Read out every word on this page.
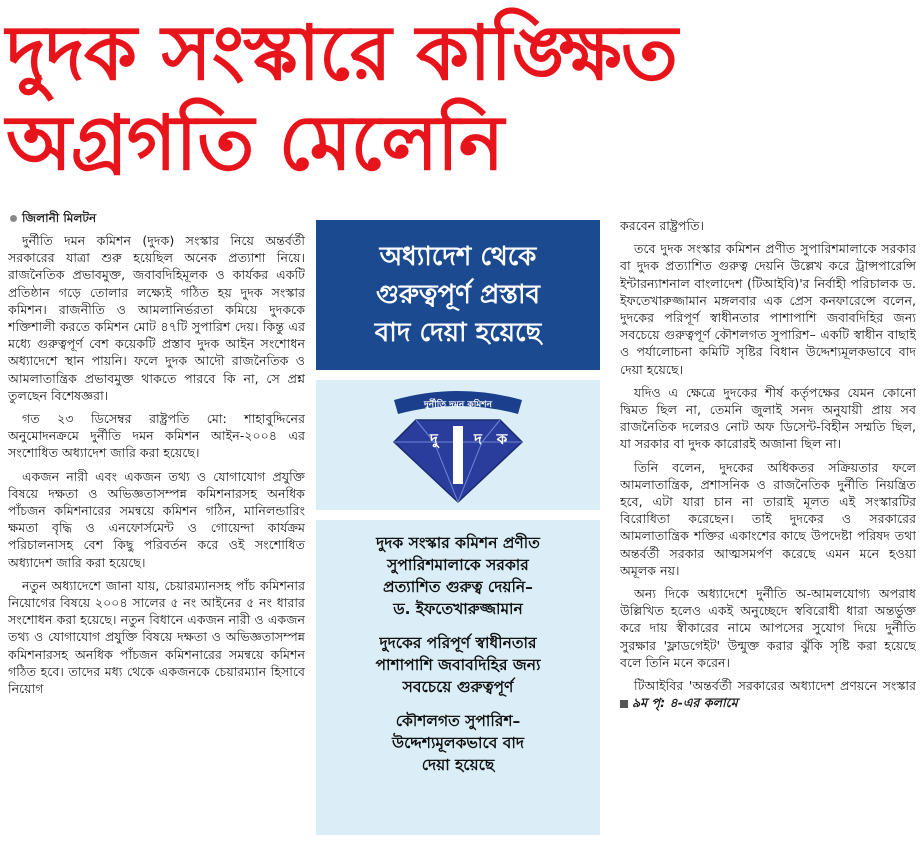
দুদক সংস্কারে কাঙ্ক্ষিত
অগ্রগতি মেলেনি
জিলানী মিলটন

দুর্নীতি দমন কমিশন (দুদক) সংস্কার নিয়ে অন্তর্বর্তী সরকারের যাত্রা শুরু হয়েছিল অনেক প্রত্যাশা নিয়ে। রাজনৈতিক প্রভাবমুক্ত, জবাবদিহিমূলক ও কার্যকর একটি প্রতিষ্ঠান গড়ে তোলার লক্ষ্যেই গঠিত হয় দুদক সংস্কার কমিশন। রাজনীতি ও আমলানির্ভরতা কমিয়ে দুদককে শক্তিশালী করতে কমিশন মোট ৪৭টি সুপারিশ দেয়। কিন্তু এর মধ্যে গুরুত্বপূর্ণ বেশ কয়েকটি প্রস্তাব দুদক আইন সংশোধন অধ্যাদেশে স্থান পায়নি। ফলে দুদক আদৌ রাজনৈতিক ও আমলাতান্ত্রিক প্রভাবমুক্ত থাকতে পারবে কি না, সে প্রশ্ন তুলছেন বিশেষজ্ঞরা।

গত ২৩ ডিসেম্বর রাষ্ট্রপতি মো: শাহাবুদ্দিনের অনুমোদনক্রমে দুর্নীতি দমন কমিশন আইন-২০০৪ এর সংশোধিত অধ্যাদেশ জারি করা হয়েছে।

একজন নারী এবং একজন তথ্য ও যোগাযোগ প্রযুক্তি বিষয়ে দক্ষতা ও অভিজ্ঞতাসম্পন্ন কমিশনারসহ অনধিক পাঁচজন কমিশনারের সমন্বয়ে কমিশন গঠিন, মানিলন্ডারিং ক্ষমতা বৃদ্ধি ও এনফোর্সমেন্ট ও গোয়েন্দা কার্যক্রম পরিচালনাসহ বেশ কিছু পরিবর্তন করে ওই সংশোধিত অধ্যাদেশ জারি করা হয়েছে।

নতুন অধ্যাদেশে জানা যায়, চেয়ারম্যানসহ পাঁচ কমিশনার নিয়োগের বিষয়ে ২০০৪ সালের ৫ নং আইনের ৫ নং ধারার সংশোধন করা হয়েছে। নতুন বিধানে একজন নারী ও একজন তথ্য ও যোগাযোগ প্রযুক্তি বিষয়ে দক্ষতা ও অভিজ্ঞতাসম্পন্ন কমিশনারসহ অনধিক পাঁচজন কমিশনারের সমন্বয়ে কমিশন গঠিত হবে। তাদের মধ্য থেকে একজনকে চেয়ারম্যান হিসাবে নিয়োগ

অধ্যাদেশ থেকে
গুরুত্বপূর্ণ প্রস্তাব
বাদ দেয়া হয়েছে
দুর্নীতি দমন কমিশন
দু দ ক
দুদক সংস্কার কমিশন প্রণীত
সুপারিশমালাকে সরকার
প্রত্যাশিত গুরুত্ব দেয়নি–
ড. ইফতেখারুজ্জামান
দুদকের পরিপূর্ণ স্বাধীনতার
পাশাপাশি জবাবদিহির জন্য
সবচেয়ে গুরুত্বপূর্ণ
কৌশলগত সুপারিশ–
উদ্দেশ্যমূলকভাবে বাদ
দেয়া হয়েছে

করবেন রাষ্ট্রপতি।

তবে দুদক সংস্কার কমিশন প্রণীত সুপারিশমালাকে সরকার বা দুদক প্রত্যাশিত গুরুত্ব দেয়নি উল্লেখ করে ট্রান্সপারেন্সি ইন্টারন্যাশনাল বাংলাদেশ (টিআইবি)'র নির্বাহী পরিচালক ড. ইফতেখারুজ্জামান মঙ্গলবার এক প্রেস কনফারেন্সে বলেন, দুদকের পরিপূর্ণ স্বাধীনতার পাশাপাশি জবাবদিহির জন্য সবচেয়ে গুরুত্বপূর্ণ কৌশলগত সুপারিশ– একটি স্বাধীন বাছাই ও পর্যালোচনা কমিটি সৃষ্টির বিধান উদ্দেশ্যমূলকভাবে বাদ দেয়া হয়েছে।

যদিও এ ক্ষেত্রে দুদকের শীর্ষ কর্তৃপক্ষের যেমন কোনো দ্বিমত ছিল না, তেমনি জুলাই সনদ অনুযায়ী প্রায় সব রাজনৈতিক দলেরও নোট অফ ডিসেন্ট-বিহীন সম্মতি ছিল, যা সরকার বা দুদক কারোরই অজানা ছিল না।

তিনি বলেন, দুদকের অধিকতর সক্রিয়তার ফলে আমলাতান্ত্রিক, প্রশাসনিক ও রাজনৈতিক দুর্নীতি নিয়ন্ত্রিত হবে, এটা যারা চান না তারাই মূলত এই সংস্কারটির বিরোধিতা করেছেন। তাই দুদকের ও সরকারের আমলাতান্ত্রিক শক্তির একাংশের কাছে উপদেষ্টা পরিষদ তথা অন্তর্বর্তী সরকার আত্মসমর্পণ করেছে এমন মনে হওয়া অমূলক নয়।

অন্য দিকে অধ্যাদেশে দুর্নীতি অ-আমলযোগ্য অপরাধ উল্লিখিত হলেও একই অনুচ্ছেদে স্ববিরোধী ধারা অন্তর্ভুক্ত করে দায় স্বীকারের নামে আপসের সুযোগ দিয়ে দুর্নীতি সুরক্ষার 'ফ্লাডগেইট' উন্মুক্ত করার ঝুঁকি সৃষ্টি করা হয়েছে বলে তিনি মনে করেন।

টিআইবির 'অন্তর্বর্তী সরকারের অধ্যাদেশ প্রণয়নে সংস্কার ৯ম পৃ: ৪-এর কলামে
